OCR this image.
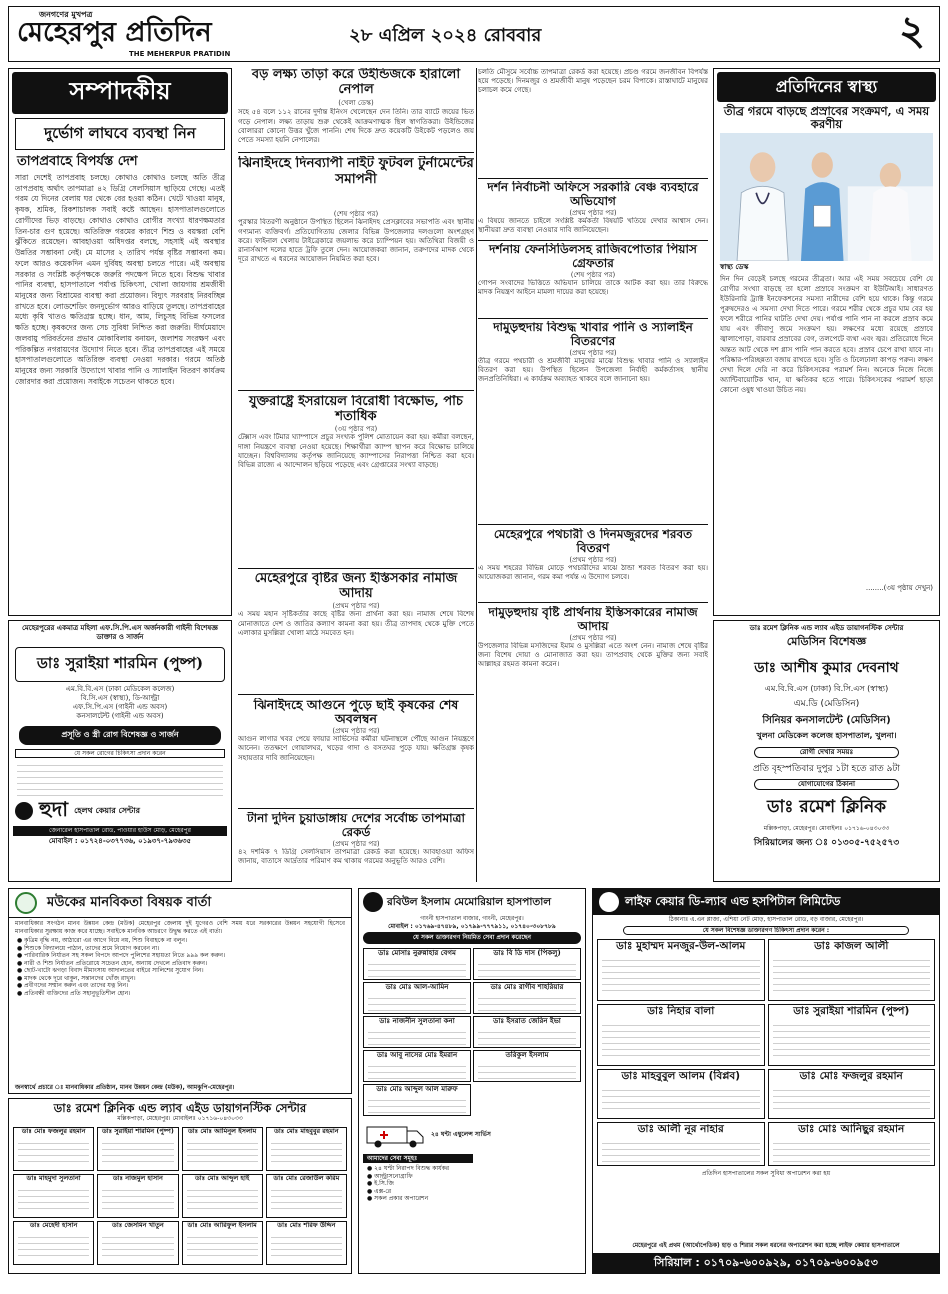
জনগণের মুখপত্র
মেহেরপুর প্রতিদিন
THE MEHERPUR PRATIDIN
২৮ এপ্রিল ২০২৪ রোববার	২
সম্পাদকীয়
দুর্ভোগ লাঘবে ব্যবস্থা নিন
তাপপ্রবাহে বিপর্যস্ত দেশ
সারা দেশেই তাপপ্রবাহ চলছে। কোথাও কোথাও চলছে অতি তীব্র তাপপ্রবাহ অর্থাৎ তাপমাত্রা ৪২ ডিগ্রি সেলসিয়াস ছাড়িয়ে গেছে। এতই গরম যে দিনের বেলায় ঘর থেকে বের হওয়া কঠিন। খেটে খাওয়া মানুষ, কৃষক, শ্রমিক, রিকশাচালক সবাই কষ্টে আছেন। হাসপাতালগুলোতে রোগীদের ভিড় বাড়ছে। কোথাও কোথাও রোগীর সংখ্যা ধারণক্ষমতার তিন-চার গুণ হয়েছে। অতিরিক্ত গরমের কারণে শিশু ও বয়স্করা বেশি ঝুঁকিতে রয়েছেন। আবহাওয়া অধিদপ্তর বলছে, সহসাই এই অবস্থার উন্নতির সম্ভাবনা নেই। মে মাসের ২ তারিখ পর্যন্ত বৃষ্টির সম্ভাবনা কম। ফলে আরও কয়েকদিন এমন দুর্বিষহ অবস্থা চলতে পারে। এই অবস্থায় সরকার ও সংশ্লিষ্ট কর্তৃপক্ষকে জরুরি পদক্ষেপ নিতে হবে। বিশুদ্ধ খাবার পানির ব্যবস্থা, হাসপাতালে পর্যাপ্ত চিকিৎসা, খোলা জায়গায় শ্রমজীবী মানুষের জন্য বিশ্রামের ব্যবস্থা করা প্রয়োজন। বিদ্যুৎ সরবরাহ নিরবচ্ছিন্ন রাখতে হবে। লোডশেডিং জনদুর্ভোগ আরও বাড়িয়ে তুলছে। তাপপ্রবাহের মধ্যে কৃষি খাতও ক্ষতিগ্রস্ত হচ্ছে। ধান, আম, লিচুসহ বিভিন্ন ফসলের ক্ষতি হচ্ছে। কৃষকদের জন্য সেচ সুবিধা নিশ্চিত করা জরুরি। দীর্ঘমেয়াদে জলবায়ু পরিবর্তনের প্রভাব মোকাবিলায় বনায়ন, জলাশয় সংরক্ষণ এবং পরিকল্পিত নগরায়ণের উদ্যোগ নিতে হবে। তীব্র তাপপ্রবাহের এই সময়ে হাসপাতালগুলোতে অতিরিক্ত ব্যবস্থা নেওয়া দরকার। গরমে অতিষ্ঠ মানুষের জন্য সরকারি উদ্যোগে খাবার পানি ও স্যালাইন বিতরণ কার্যক্রম জোরদার করা প্রয়োজন। সবাইকে সচেতন থাকতে হবে।
বড় লক্ষ্য তাড়া করে উইন্ডিজকে হারালো নেপাল
(খেলা ডেস্ক)
সহে ৫৪ বলে ১১২ রানের দুর্দান্ত ইনিংস খেলেছেন দেন তিনি। তার ব্যাটে জয়ের ভিত গড়ে নেপাল। লক্ষ্য তাড়ায় শুরু থেকেই আক্রমণাত্মক ছিল স্বাগতিকরা। উইন্ডিজের বোলাররা কোনো উত্তর খুঁজে পাননি। শেষ দিকে দ্রুত কয়েকটি উইকেট পড়লেও জয় পেতে সমস্যা হয়নি নেপালের।
ঝিনাইদহে দিনব্যাপী নাইট ফুটবল টুর্নামেন্টের সমাপনী
(শেষ পৃষ্ঠার পর)
পুরস্কার বিতরণী অনুষ্ঠানে উপস্থিত ছিলেন ঝিনাইদহ প্রেসক্লাবের সভাপতি এবং স্থানীয় গণ্যমান্য ব্যক্তিবর্গ। প্রতিযোগিতায় জেলার বিভিন্ন উপজেলার দলগুলো অংশগ্রহণ করে। ফাইনাল খেলায় টাইব্রেকারে জয়লাভ করে চ্যাম্পিয়ন হয়। অতিথিরা বিজয়ী ও রানার্সআপ দলের হাতে ট্রফি তুলে দেন। আয়োজকরা জানান, তরুণদের মাদক থেকে দূরে রাখতে এ ধরনের আয়োজন নিয়মিত করা হবে।
যুক্তরাষ্ট্রে ইসরায়েল বিরোধী বিক্ষোভ, পাঁচ শতাধিক
(৩য় পৃষ্ঠার পর)
টেক্সাস এবং টিমার ঘ্যাম্পাসে প্রচুর সংখ্যক পুলিশ মোতায়েন করা হয়। কর্মীরা বলছেন, দাঙ্গা নিয়ন্ত্রণে ব্যবস্থা নেওয়া হয়েছে। শিক্ষার্থীরা ক্যাম্প স্থাপন করে বিক্ষোভ চালিয়ে যাচ্ছেন। বিশ্ববিদ্যালয় কর্তৃপক্ষ জানিয়েছে ক্যাম্পাসের নিরাপত্তা নিশ্চিত করা হবে। বিভিন্ন রাজ্যে এ আন্দোলন ছড়িয়ে পড়েছে এবং গ্রেপ্তারের সংখ্যা বাড়ছে।
মেহেরপুরে বৃষ্টির জন্য ইস্তিসকার নামাজ আদায়
(প্রথম পৃষ্ঠার পর)
এ সময় মহান সৃষ্টিকর্তার কাছে বৃষ্টির জন্য প্রার্থনা করা হয়। নামাজ শেষে বিশেষ মোনাজাতে দেশ ও জাতির কল্যাণ কামনা করা হয়। তীব্র তাপদাহ থেকে মুক্তি পেতে এলাকার মুসল্লিরা খোলা মাঠে সমবেত হন।
ঝিনাইদহে আগুনে পুড়ে ছাই কৃষকের শেষ অবলম্বন
(প্রথম পৃষ্ঠার পর)
আগুন লাগার খবর পেয়ে ফায়ার সার্ভিসের কর্মীরা ঘটনাস্থলে পৌঁছে আগুন নিয়ন্ত্রণে আনেন। ততক্ষণে গোয়ালঘর, খড়ের গাদা ও বসতঘর পুড়ে যায়। ক্ষতিগ্রস্ত কৃষক সহায়তার দাবি জানিয়েছেন।
টানা দুদিন চুয়াডাঙ্গায় দেশের সর্বোচ্চ তাপমাত্রা রেকর্ড
(প্রথম পৃষ্ঠার পর)
৪২ দশমিক ৭ ডিগ্রি সেলসিয়াস তাপমাত্রা রেকর্ড করা হয়েছে। আবহাওয়া অফিস জানায়, বাতাসে আর্দ্রতার পরিমাণ কম থাকায় গরমের অনুভূতি আরও বেশি।
চলতি মৌসুমে সর্বোচ্চ তাপমাত্রা রেকর্ড করা হয়েছে। প্রচণ্ড গরমে জনজীবন বিপর্যস্ত হয়ে পড়েছে। দিনমজুর ও শ্রমজীবী মানুষ পড়েছেন চরম বিপাকে। রাস্তাঘাটে মানুষের চলাচল কমে গেছে।
দর্শন নির্বাচনী অফিসে সরকারি বেঞ্চ ব্যবহারে অভিযোগ
(প্রথম পৃষ্ঠার পর)
এ বিষয়ে জানতে চাইলে সংশ্লিষ্ট কর্মকর্তা বিষয়টি খতিয়ে দেখার আশ্বাস দেন। স্থানীয়রা দ্রুত ব্যবস্থা নেওয়ার দাবি জানিয়েছেন।
দর্শনায় ফেনসিডিলসহ রাজিবপোতার পিয়াস গ্রেফতার
(শেষ পৃষ্ঠার পর)
গোপন সংবাদের ভিত্তিতে অভিযান চালিয়ে তাকে আটক করা হয়। তার বিরুদ্ধে মাদক নিয়ন্ত্রণ আইনে মামলা দায়ের করা হয়েছে।
দামুড়হুদায় বিশুদ্ধ খাবার পানি ও স্যালাইন বিতরণের
(প্রথম পৃষ্ঠার পর)
তীব্র গরমে পথচারী ও শ্রমজীবী মানুষের মাঝে বিশুদ্ধ খাবার পানি ও স্যালাইন বিতরণ করা হয়। উপস্থিত ছিলেন উপজেলা নির্বাহী কর্মকর্তাসহ স্থানীয় জনপ্রতিনিধিরা। এ কার্যক্রম অব্যাহত থাকবে বলে জানানো হয়।
মেহেরপুরে পথচারী ও দিনমজুরদের শরবত বিতরণ
(প্রথম পৃষ্ঠার পর)
এ সময় শহরের বিভিন্ন মোড়ে পথচারীদের মাঝে ঠান্ডা শরবত বিতরণ করা হয়। আয়োজকরা জানান, গরম কমা পর্যন্ত এ উদ্যোগ চলবে।
দামুড়হুদায় বৃষ্টি প্রার্থনায় ইস্তিসকারের নামাজ আদায়
(প্রথম পৃষ্ঠার পর)
উপজেলার বিভিন্ন মসজিদের ইমাম ও মুসল্লিরা এতে অংশ নেন। নামাজ শেষে বৃষ্টির জন্য বিশেষ দোয়া ও মোনাজাত করা হয়। তাপপ্রবাহ থেকে মুক্তির জন্য সবাই আল্লাহর রহমত কামনা করেন।
প্রতিদিনের স্বাস্থ্য
তীব্র গরমে বাড়ছে প্রস্রাবের সংক্রমণ, এ সময় করণীয়
স্বাস্থ্য ডেস্ক
দিন দিন বেড়েই চলছে গরমের তীব্রতা। আর এই সময় সবচেয়ে বেশি যে রোগীর সংখ্যা বাড়ছে তা হলো প্রস্রাবে সংক্রমণ বা ইউটিআই। সাধারণত ইউরিনারি ট্র্যাক্ট ইনফেকশনের সমস্যা নারীদের বেশি হয়ে থাকে। কিন্তু গরমে পুরুষদেরও এ সমস্যা দেখা দিতে পারে। গরমে শরীর থেকে প্রচুর ঘাম বের হয় ফলে শরীরে পানির ঘাটতি দেখা দেয়। পর্যাপ্ত পানি পান না করলে প্রস্রাব কমে যায় এবং জীবাণু জমে সংক্রমণ হয়। লক্ষণের মধ্যে রয়েছে প্রস্রাবে জ্বালাপোড়া, বারবার প্রস্রাবের বেগ, তলপেটে ব্যথা এবং জ্বর। প্রতিরোধে দিনে অন্তত আট থেকে দশ গ্লাস পানি পান করতে হবে। প্রস্রাব চেপে রাখা যাবে না। পরিষ্কার-পরিচ্ছন্নতা বজায় রাখতে হবে। সুতি ও ঢিলেঢালা কাপড় পরুন। লক্ষণ দেখা দিলে দেরি না করে চিকিৎসকের পরামর্শ নিন। অনেকে নিজে নিজে অ্যান্টিবায়োটিক খান, যা ক্ষতিকর হতে পারে। চিকিৎসকের পরামর্শ ছাড়া কোনো ওষুধ খাওয়া উচিত নয়।
........(৩য় পৃষ্ঠায় দেখুন)
মেহেরপুরের একমাত্র মহিলা এফ.সি.পি.এস অর্জনকারী গাইনী বিশেষজ্ঞ ডাক্তার ও সার্জন
ডাঃ সুরাইয়া শারমিন (পুষ্প)
এম.বি.বি.এস (ঢাকা মেডিকেল কলেজ)
বি.সি.এস (স্বাস্থ্য), ডি-আল্ট্রা
এফ.সি.পি.এস (গাইনী এন্ড অবস)
কনসালটেন্ট (গাইনী এন্ড অবস)
প্রসূতি ও স্ত্রী রোগ বিশেষজ্ঞ ও সার্জন
যে সকল রোগের চিকিৎসা প্রদান করেন
হুদা হেলথ কেয়ার সেন্টার
জেনারেল হাসপাতাল রোড, পাওয়ার হাউস মোড়, মেহেরপুর
মোবাইল : ০১৭২৪-০৩৭৭৩৬, ০১৯৩৭-৭৯৩৬৩৫
ডাঃ রমেশ ক্লিনিক এন্ড ল্যাব এইড ডায়াগনস্টিক সেন্টার
মেডিসিন বিশেষজ্ঞ
ডাঃ আশীষ কুমার দেবনাথ
এম.বি.বি.এস (ঢাকা) বি.সি.এস (স্বাস্থ্য)
এম.ডি (মেডিসিন)
সিনিয়র কনসালটেন্ট (মেডিসিন)
খুলনা মেডিকেল কলেজ হাসপাতাল, খুলনা।
রোগী দেখার সময়ঃ
প্রতি বৃহস্পতিবার দুপুর ১টা হতে রাত ৯টা
যোগাযোগের ঠিকানা
ডাঃ রমেশ ক্লিনিক
মল্লিকপাড়া, মেহেরপুর। মোবাইলঃ ০১৭১৬-০৪৩০৩৩
সিরিয়ালের জন্য ঃ ০১৩০৫-৭৫২৫৭৩
মউকের মানবিকতা বিষয়ক বার্তা
মানবাধিকার সংগঠন মানব উন্নয়ন কেন্দ্র (মউক) মেহেরপুর জেলায় দুই যুগেরও বেশি সময় ধরে সরকারের উন্নয়ন সহযোগী হিসেবে মানবাধিকার সুরক্ষায় কাজ করে যাচ্ছে। সবাইকে মানবিক আচরণে উদ্বুদ্ধ করতে এই বার্তা।
● কৃত্রিম বৃদ্ধি নয়, আঠারো এর আগে বিয়ে নয়, শিশু বিবাহকে না বলুন।
● শিশুকে বিদ্যালয়ে পাঠান, তাদের শ্রমে নিয়োগ করবেন না।
● পারিবারিক নির্যাতন সহ সকল বিপদে আপদে পুলিশের সহায়তা নিতে ৯৯৯ কল করুন।
● নারী ও শিশু নির্যাতন প্রতিরোধে সচেতন হোন, অন্যায় দেখলে প্রতিবাদ করুন।
● ছোট-খাটো ঝগড়া বিবাদ মীমাংসায় আদালতের বাইরে সালিশের সুযোগ নিন।
● মাদক থেকে দূরে থাকুন, সন্তানদের খোঁজ রাখুন।
● প্রবীণদের সম্মান করুন এবং তাদের যত্ন নিন।
● প্রতিবন্ধী ব্যক্তিদের প্রতি সহানুভূতিশীল হোন।
জনস্বার্থে প্রচারে ঃ মানবাধিকার প্রতিষ্ঠান, মানব উন্নয়ন কেন্দ্র (মউক), আমঝুপি-মেহেরপুর।
ডাঃ রমেশ ক্লিনিক এন্ড ল্যাব এইড ডায়াগনস্টিক সেন্টার
মল্লিকপাড়া, মেহেরপুর। মোবাইলঃ ০১৭১৬-০৪৩০৩৩
ডাঃ মোঃ ফজলুর রহমান	ডাঃ সুরাইয়া শারমিন (পুষ্প)	ডাঃ মোঃ আমিনুল ইসলাম	ডাঃ মোঃ মাহবুবুর রহমান
ডাঃ মাহমুদা সুলতানা	ডাঃ নাজমুল হাসান	ডাঃ মোঃ আব্দুল হাই	ডাঃ মোঃ রেজাউল করিম
ডাঃ মেহেদী হাসান	ডাঃ জেসমিন খাতুন	ডাঃ মোঃ আরিফুল ইসলাম	ডাঃ মোঃ শরিফ উদ্দিন
রবিউল ইসলাম মেমোরিয়াল হাসপাতাল
গাংনী হাসপাতাল বাজার, গাংনী, মেহেরপুর।
মোবাইল : ০১৭৬৯-৪৭৪৮৯, ০১৭৯৯-৭৭৭৯১১, ০১৭৪০-৩০৮৭৮৯
যে সকল ডাক্তারগণ নিয়মিত সেবা প্রদান করেছেন
ডাঃ মোসাঃ নুরুন্নাহার বেগম	ডাঃ বি ডি দাস (পিকলু)
ডাঃ মোঃ আল-আমিন	ডাঃ মোঃ রাগীব শাহরিয়ার
ডাঃ নাজনীন সুলতানা কনা	ডাঃ ইসরাত জেরিন ইভা
ডাঃ আবু নাসের মোঃ ইমরান	তরিকুল ইসলাম
ডাঃ মোঃ আব্দুল আল মারুফ
২৪ ঘন্টা এম্বুলেন্স সার্ভিস
আমাদের সেবা সমূহঃ
● ২৪ ঘণ্টা নিরাপদ বিশুদ্ধ কার্যকর
● আল্ট্রাসনোগ্রাফি
● ই.সি.জি
● এক্স-রে
● সকল প্রকার অপারেশন
লাইফ কেয়ার ডি-ল্যাব এন্ড হসপিটাল লিমিটেড
ঠিকানাঃ এ.এন প্লাজা, এশিয়া নেট মোড়, হাসপাতাল রোড, বড় বাজার, মেহেরপুর।
যে সকল বিশেষজ্ঞ ডাক্তারগণ চিকিৎসা প্রদান করেন :
ডাঃ মুহাম্মদ মনজুর-উল-আলম	ডাঃ কাজল আলী
ডাঃ নিহার বালা	ডাঃ সুরাইয়া শারমিন (পুষ্প)
ডাঃ মাহবুবুল আলম (বিপ্লব)	ডাঃ মোঃ ফজলুর রহমান
ডাঃ আলী নূর নাহার	ডাঃ মোঃ আনিছুর রহমান
প্রতিদিন হাসপাতালের সকল সুবিধা অপারেশন করা হয়
মেহেরপুরে এই প্রথম (আর্থোপেডিক) হাড় ও শিরার সকল ধরনের অপারেশন করা হচ্ছে লাইফ কেয়ার হাসপাতালে
সিরিয়াল : ০১৭০৯-৬০০৯২৯, ০১৭০৯-৬০০৯৫৩
